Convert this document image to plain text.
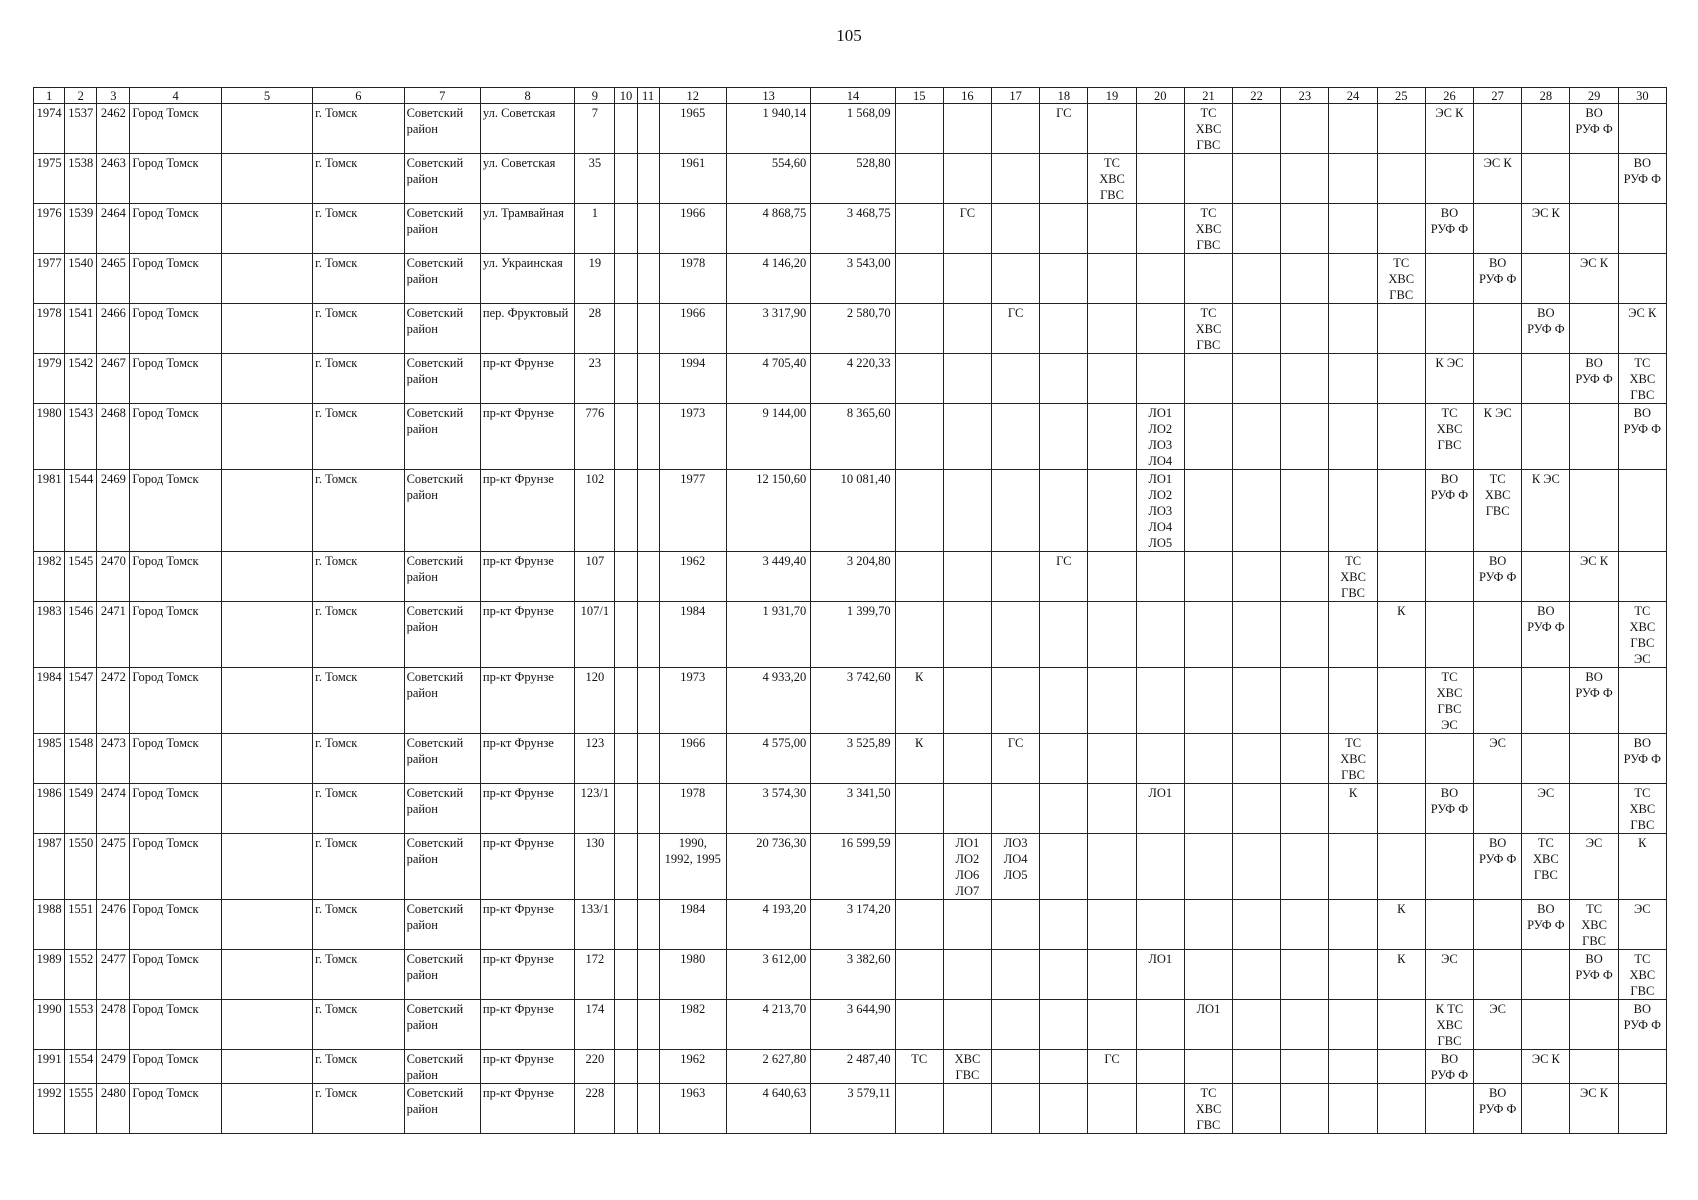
105
1	2	3	4	5	6	7	8	9	10	11	12	13	14	15	16	17	18	19	20	21	22	23	24	25	26	27	28	29	30
1974	1537	2462	Город Томск		г. Томск	Советский
район	ул. Советская	7			1965	1 940,14	1 568,09				ГС			ТС
ХВС
ГВС					ЭС К			ВО
РУФ Ф	
1975	1538	2463	Город Томск		г. Томск	Советский
район	ул. Советская	35			1961	554,60	528,80					ТС
ХВС
ГВС								ЭС К			ВО
РУФ Ф
1976	1539	2464	Город Томск		г. Томск	Советский
район	ул. Трамвайная	1			1966	4 868,75	3 468,75		ГС					ТС
ХВС
ГВС					ВО
РУФ Ф		ЭС К		
1977	1540	2465	Город Томск		г. Томск	Советский
район	ул. Украинская	19			1978	4 146,20	3 543,00											ТС
ХВС
ГВС		ВО
РУФ Ф		ЭС К	
1978	1541	2466	Город Томск		г. Томск	Советский
район	пер. Фруктовый	28			1966	3 317,90	2 580,70			ГС				ТС
ХВС
ГВС							ВО
РУФ Ф		ЭС К
1979	1542	2467	Город Томск		г. Томск	Советский
район	пр-кт Фрунзе	23			1994	4 705,40	4 220,33												К ЭС			ВО
РУФ Ф	ТС
ХВС
ГВС
1980	1543	2468	Город Томск		г. Томск	Советский
район	пр-кт Фрунзе	776			1973	9 144,00	8 365,60						ЛО1
ЛО2
ЛО3
ЛО4						ТС
ХВС
ГВС	К ЭС			ВО
РУФ Ф
1981	1544	2469	Город Томск		г. Томск	Советский
район	пр-кт Фрунзе	102			1977	12 150,60	10 081,40						ЛО1
ЛО2
ЛО3
ЛО4
ЛО5						ВО
РУФ Ф	ТС
ХВС
ГВС	К ЭС		
1982	1545	2470	Город Томск		г. Томск	Советский
район	пр-кт Фрунзе	107			1962	3 449,40	3 204,80				ГС						ТС
ХВС
ГВС			ВО
РУФ Ф		ЭС К	
1983	1546	2471	Город Томск		г. Томск	Советский
район	пр-кт Фрунзе	107/1			1984	1 931,70	1 399,70											К			ВО
РУФ Ф		ТС
ХВС
ГВС
ЭС
1984	1547	2472	Город Томск		г. Томск	Советский
район	пр-кт Фрунзе	120			1973	4 933,20	3 742,60	К											ТС
ХВС
ГВС
ЭС			ВО
РУФ Ф	
1985	1548	2473	Город Томск		г. Томск	Советский
район	пр-кт Фрунзе	123			1966	4 575,00	3 525,89	К		ГС							ТС
ХВС
ГВС			ЭС			ВО
РУФ Ф
1986	1549	2474	Город Томск		г. Томск	Советский
район	пр-кт Фрунзе	123/1			1978	3 574,30	3 341,50						ЛО1				К		ВО
РУФ Ф		ЭС		ТС
ХВС
ГВС
1987	1550	2475	Город Томск		г. Томск	Советский
район	пр-кт Фрунзе	130			1990,
1992, 1995	20 736,30	16 599,59		ЛО1
ЛО2
ЛО6
ЛО7	ЛО3
ЛО4
ЛО5										ВО
РУФ Ф	ТС
ХВС
ГВС	ЭС	К
1988	1551	2476	Город Томск		г. Томск	Советский
район	пр-кт Фрунзе	133/1			1984	4 193,20	3 174,20											К			ВО
РУФ Ф	ТС
ХВС
ГВС	ЭС
1989	1552	2477	Город Томск		г. Томск	Советский
район	пр-кт Фрунзе	172			1980	3 612,00	3 382,60						ЛО1					К	ЭС			ВО
РУФ Ф	ТС
ХВС
ГВС
1990	1553	2478	Город Томск		г. Томск	Советский
район	пр-кт Фрунзе	174			1982	4 213,70	3 644,90							ЛО1					К ТС
ХВС
ГВС	ЭС			ВО
РУФ Ф
1991	1554	2479	Город Томск		г. Томск	Советский
район	пр-кт Фрунзе	220			1962	2 627,80	2 487,40	ТС	ХВС
ГВС			ГС							ВО
РУФ Ф		ЭС К		
1992	1555	2480	Город Томск		г. Томск	Советский
район	пр-кт Фрунзе	228			1963	4 640,63	3 579,11							ТС
ХВС
ГВС						ВО
РУФ Ф		ЭС К	
